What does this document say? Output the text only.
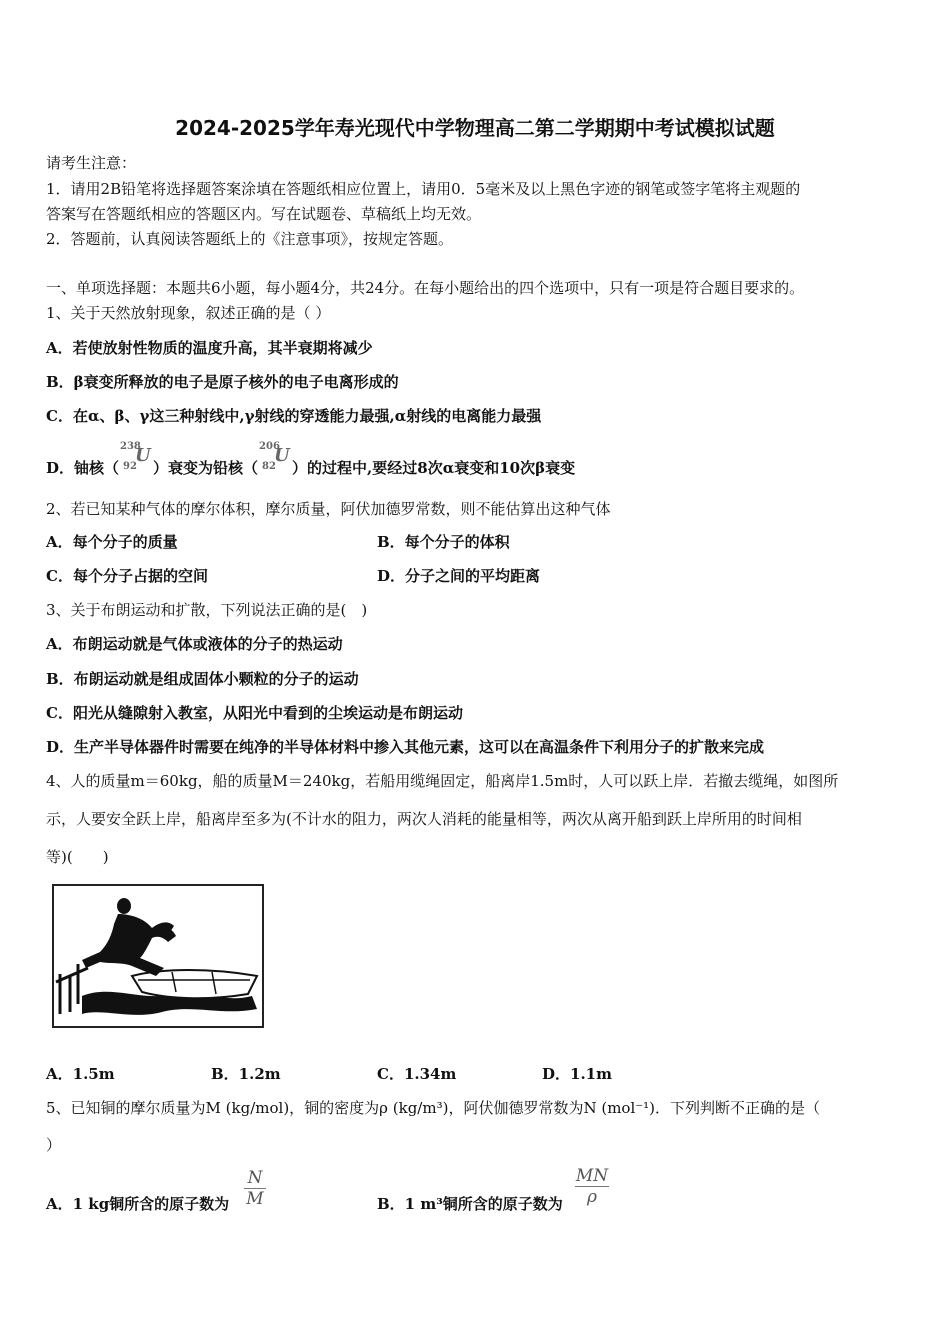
2024-2025学年寿光现代中学物理高二第二学期期中考试模拟试题
请考生注意：
1．请用2B铅笔将选择题答案涂填在答题纸相应位置上，请用0．5毫米及以上黑色字迹的钢笔或签字笔将主观题的
答案写在答题纸相应的答题区内。写在试题卷、草稿纸上均无效。
2．答题前，认真阅读答题纸上的《注意事项》，按规定答题。
一、单项选择题：本题共6小题，每小题4分，共24分。在每小题给出的四个选项中，只有一项是符合题目要求的。
1、关于天然放射现象，叙述正确的是（ ）
A．若使放射性物质的温度升高，其半衰期将减少
B．β衰变所释放的电子是原子核外的电子电离形成的
C．在α、β、γ这三种射线中,γ射线的穿透能力最强,α射线的电离能力最强
D．铀核（
238
92
U
）衰变为铅核（
206
82
U
）的过程中,要经过8次α衰变和10次β衰变
2、若已知某种气体的摩尔体积，摩尔质量，阿伏加德罗常数，则不能估算出这种气体
A．每个分子的质量	B．每个分子的体积
C．每个分子占据的空间	D．分子之间的平均距离
3、关于布朗运动和扩散，下列说法正确的是(　)
A．布朗运动就是气体或液体的分子的热运动
B．布朗运动就是组成固体小颗粒的分子的运动
C．阳光从缝隙射入教室，从阳光中看到的尘埃运动是布朗运动
D．生产半导体器件时需要在纯净的半导体材料中掺入其他元素，这可以在高温条件下利用分子的扩散来完成
4、人的质量m＝60kg，船的质量M＝240kg，若船用缆绳固定，船离岸1.5m时，人可以跃上岸．若撤去缆绳，如图所
示，人要安全跃上岸，船离岸至多为(不计水的阻力，两次人消耗的能量相等，两次从离开船到跃上岸所用的时间相
等)(　　)
A．1.5m	B．1.2m	C．1.34m	D．1.1m
5、已知铜的摩尔质量为M (kg/mol)，铜的密度为ρ (kg/m³)，阿伏伽德罗常数为N (mol⁻¹)．下列判断不正确的是（
）
A．1 kg铜所含的原子数为
N
M	B．1 m³铜所含的原子数为
MN
ρ
